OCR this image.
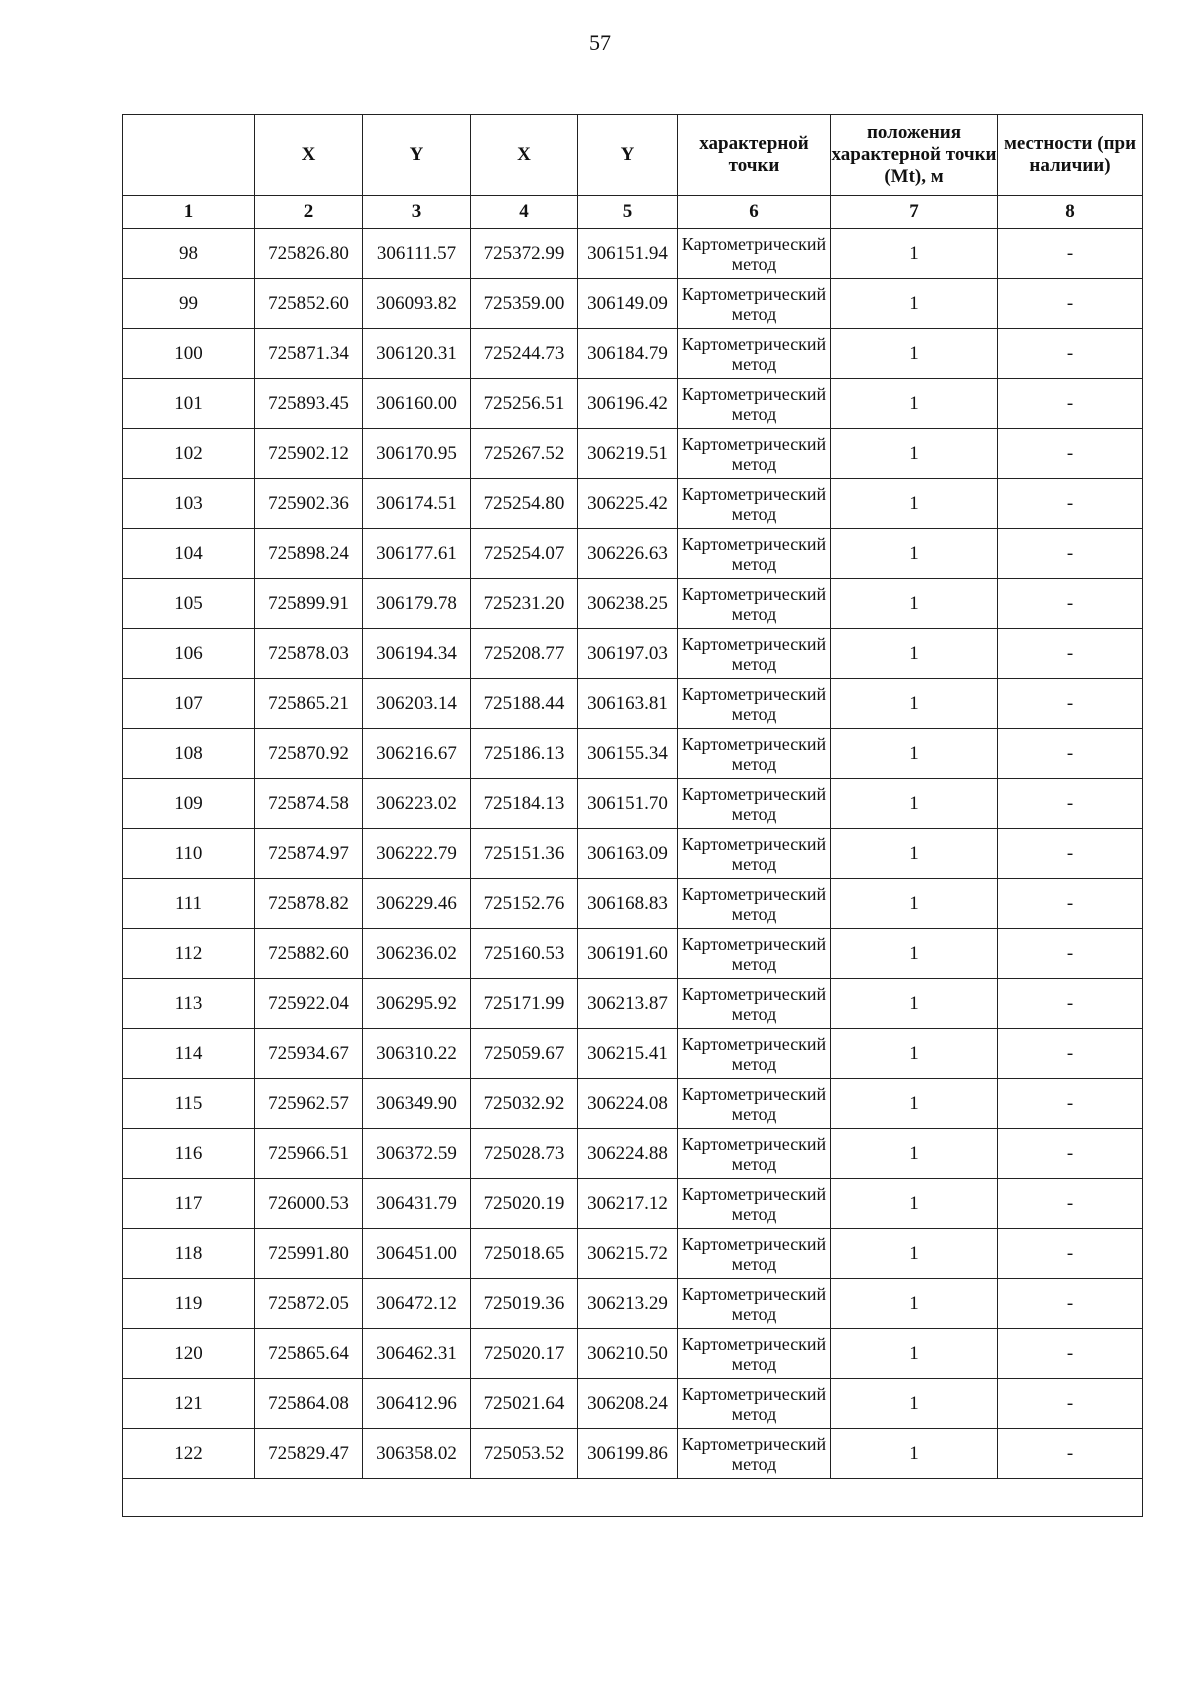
57
	X	Y	X	Y	характерной точки	положения характерной точки (Mt), м	местности (при наличии)
1	2	3	4	5	6	7	8
98	725826.80	306111.57	725372.99	306151.94	Картометрический метод	1	-
99	725852.60	306093.82	725359.00	306149.09	Картометрический метод	1	-
100	725871.34	306120.31	725244.73	306184.79	Картометрический метод	1	-
101	725893.45	306160.00	725256.51	306196.42	Картометрический метод	1	-
102	725902.12	306170.95	725267.52	306219.51	Картометрический метод	1	-
103	725902.36	306174.51	725254.80	306225.42	Картометрический метод	1	-
104	725898.24	306177.61	725254.07	306226.63	Картометрический метод	1	-
105	725899.91	306179.78	725231.20	306238.25	Картометрический метод	1	-
106	725878.03	306194.34	725208.77	306197.03	Картометрический метод	1	-
107	725865.21	306203.14	725188.44	306163.81	Картометрический метод	1	-
108	725870.92	306216.67	725186.13	306155.34	Картометрический метод	1	-
109	725874.58	306223.02	725184.13	306151.70	Картометрический метод	1	-
110	725874.97	306222.79	725151.36	306163.09	Картометрический метод	1	-
111	725878.82	306229.46	725152.76	306168.83	Картометрический метод	1	-
112	725882.60	306236.02	725160.53	306191.60	Картометрический метод	1	-
113	725922.04	306295.92	725171.99	306213.87	Картометрический метод	1	-
114	725934.67	306310.22	725059.67	306215.41	Картометрический метод	1	-
115	725962.57	306349.90	725032.92	306224.08	Картометрический метод	1	-
116	725966.51	306372.59	725028.73	306224.88	Картометрический метод	1	-
117	726000.53	306431.79	725020.19	306217.12	Картометрический метод	1	-
118	725991.80	306451.00	725018.65	306215.72	Картометрический метод	1	-
119	725872.05	306472.12	725019.36	306213.29	Картометрический метод	1	-
120	725865.64	306462.31	725020.17	306210.50	Картометрический метод	1	-
121	725864.08	306412.96	725021.64	306208.24	Картометрический метод	1	-
122	725829.47	306358.02	725053.52	306199.86	Картометрический метод	1	-
